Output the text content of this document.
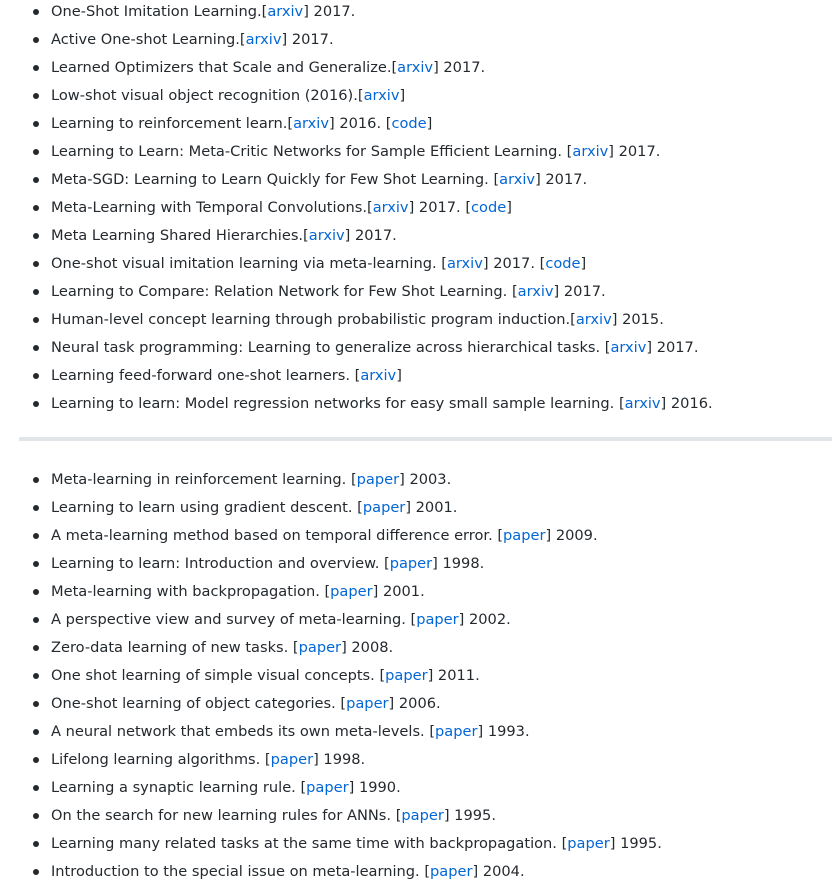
One-Shot Imitation Learning.[arxiv] 2017.
Active One-shot Learning.[arxiv] 2017.
Learned Optimizers that Scale and Generalize.[arxiv] 2017.
Low-shot visual object recognition (2016).[arxiv]
Learning to reinforcement learn.[arxiv] 2016. [code]
Learning to Learn: Meta-Critic Networks for Sample Efficient Learning. [arxiv] 2017.
Meta-SGD: Learning to Learn Quickly for Few Shot Learning. [arxiv] 2017.
Meta-Learning with Temporal Convolutions.[arxiv] 2017. [code]
Meta Learning Shared Hierarchies.[arxiv] 2017.
One-shot visual imitation learning via meta-learning. [arxiv] 2017. [code]
Learning to Compare: Relation Network for Few Shot Learning. [arxiv] 2017.
Human-level concept learning through probabilistic program induction.[arxiv] 2015.
Neural task programming: Learning to generalize across hierarchical tasks. [arxiv] 2017.
Learning feed-forward one-shot learners. [arxiv]
Learning to learn: Model regression networks for easy small sample learning. [arxiv] 2016.
Meta-learning in reinforcement learning. [paper] 2003.
Learning to learn using gradient descent. [paper] 2001.
A meta-learning method based on temporal difference error. [paper] 2009.
Learning to learn: Introduction and overview. [paper] 1998.
Meta-learning with backpropagation. [paper] 2001.
A perspective view and survey of meta-learning. [paper] 2002.
Zero-data learning of new tasks. [paper] 2008.
One shot learning of simple visual concepts. [paper] 2011.
One-shot learning of object categories. [paper] 2006.
A neural network that embeds its own meta-levels. [paper] 1993.
Lifelong learning algorithms. [paper] 1998.
Learning a synaptic learning rule. [paper] 1990.
On the search for new learning rules for ANNs. [paper] 1995.
Learning many related tasks at the same time with backpropagation. [paper] 1995.
Introduction to the special issue on meta-learning. [paper] 2004.
